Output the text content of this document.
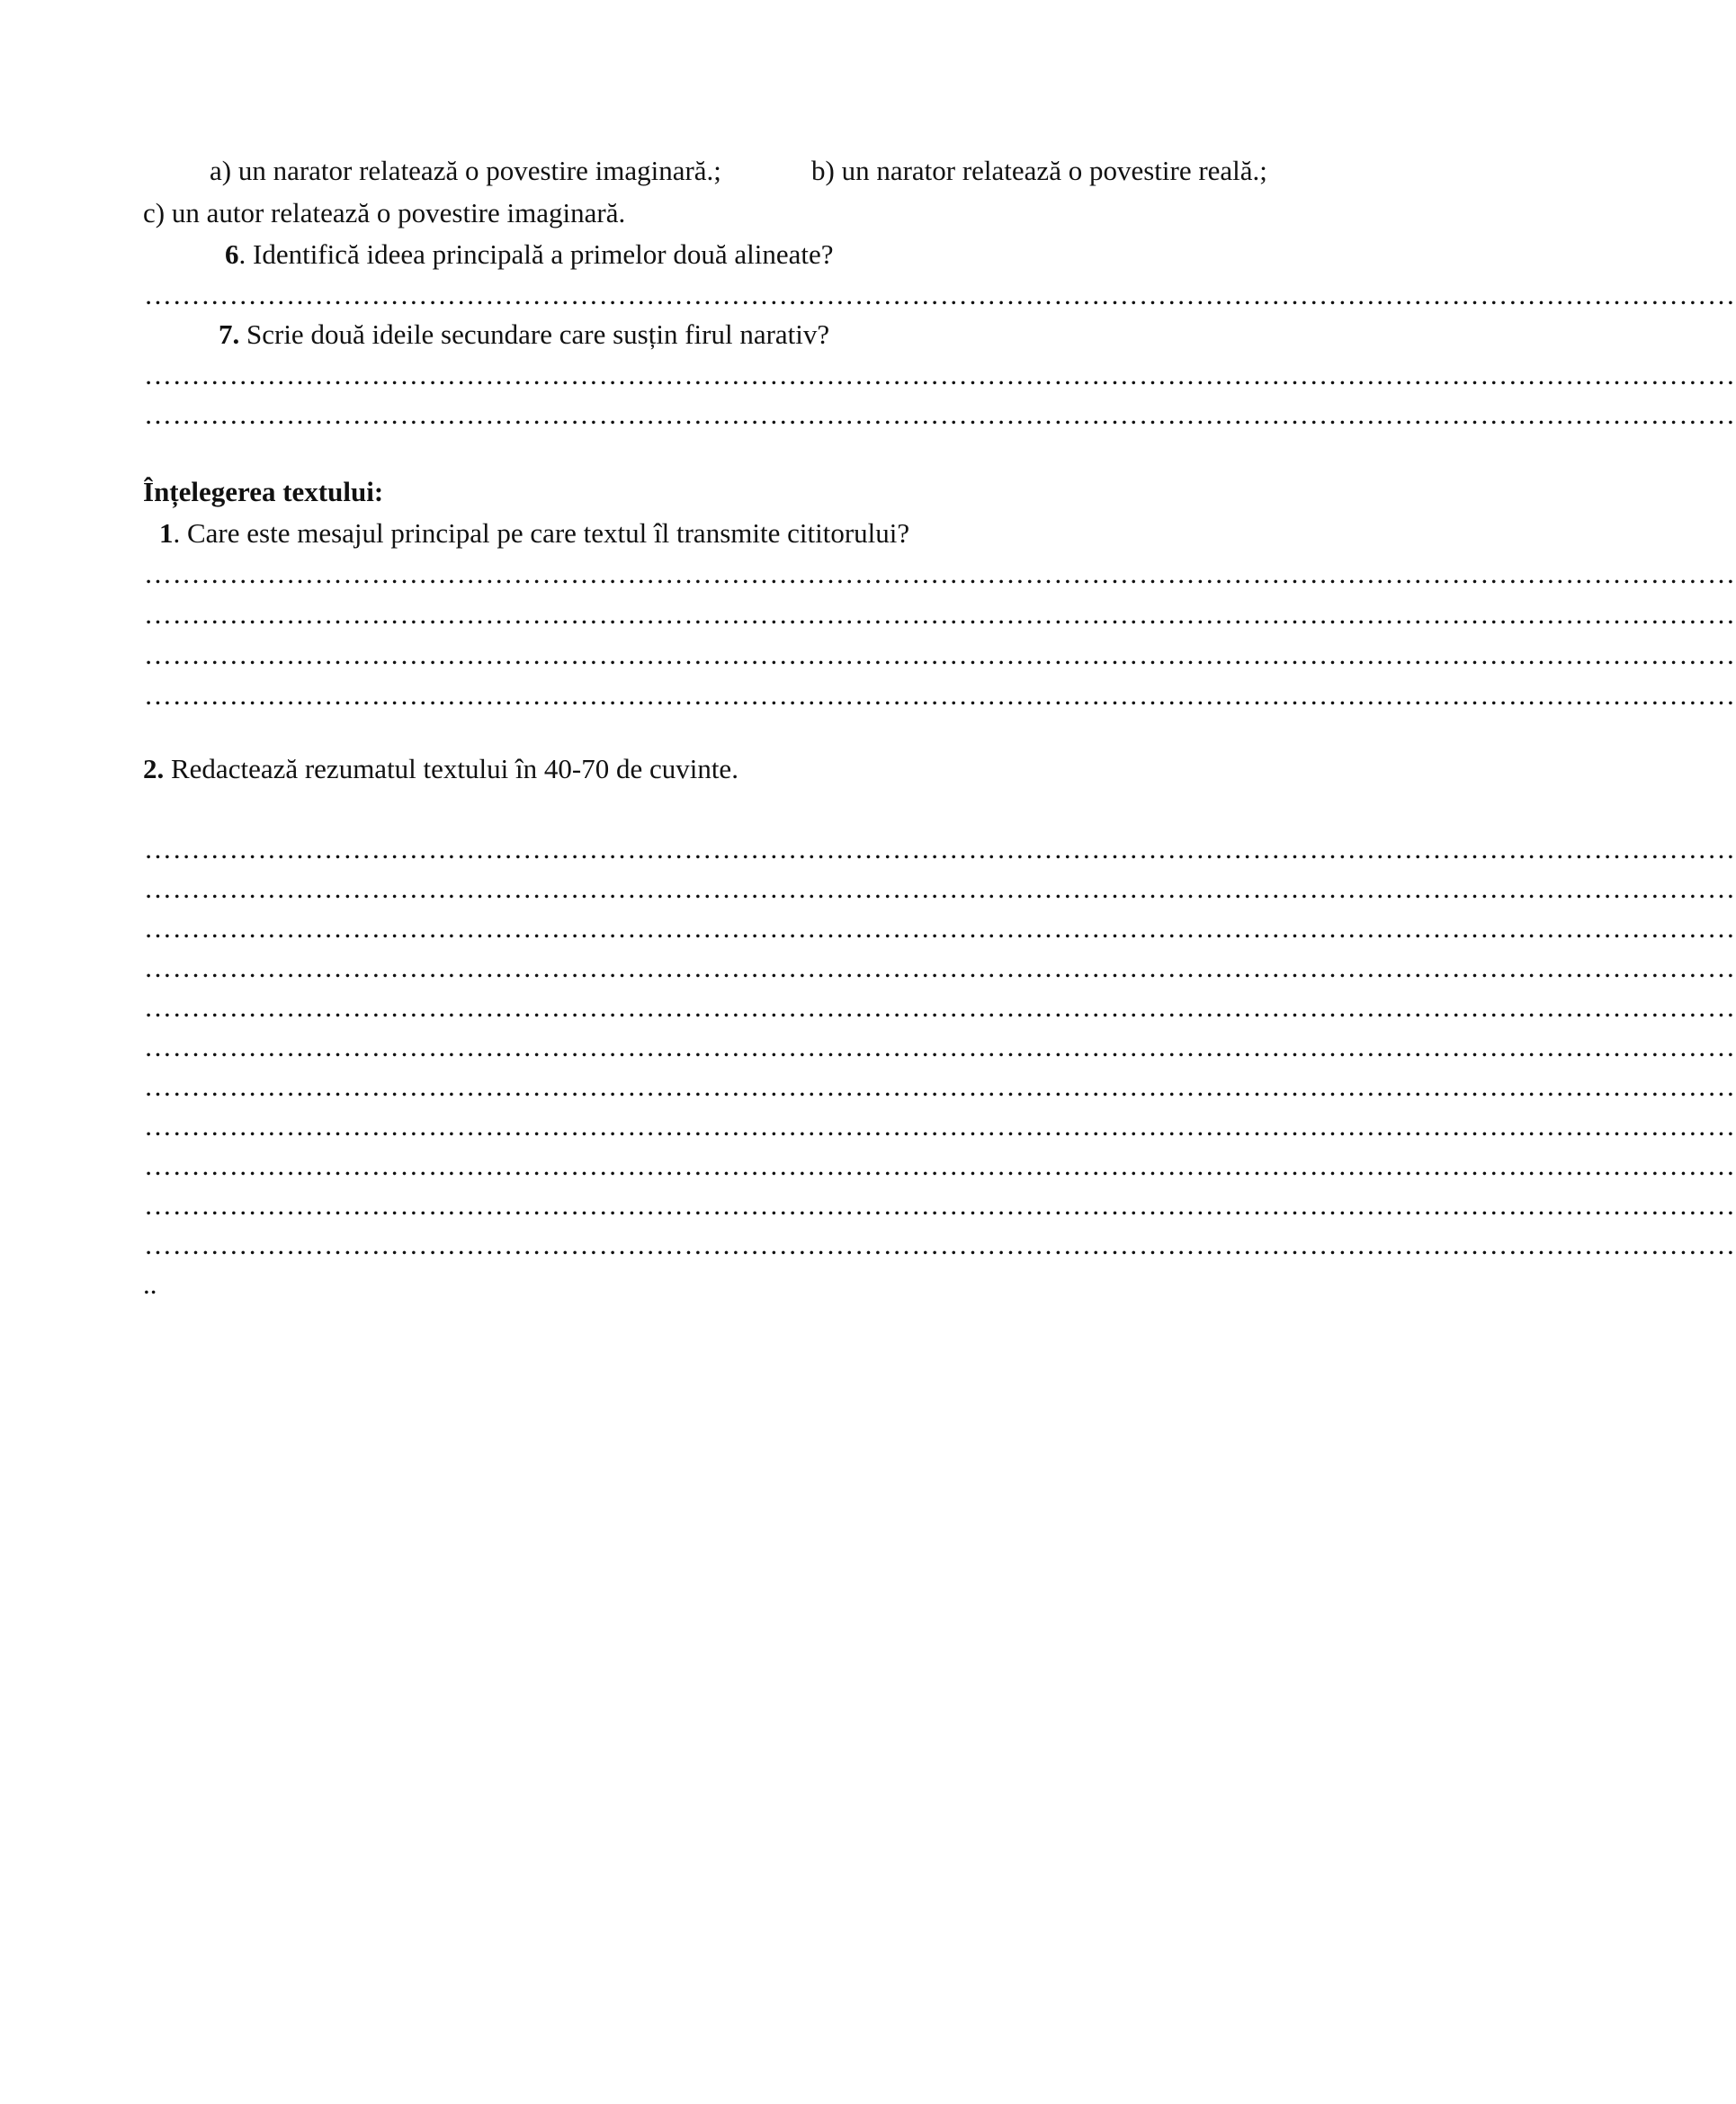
a) un narator relatează o povestire imaginară.;	b) un narator relatează o povestire reală.;
c) un autor relatează o povestire imaginară.
6. Identifică ideea principală a primelor două alineate?
……………………………………………………………………………………………………………………………………………………
7. Scrie două ideile secundare care susțin firul narativ?
……………………………………………………………………………………………………………………………………………………
……………………………………………………………………………………………………………………………………………………
Înțelegerea textului:
1. Care este mesajul principal pe care textul îl transmite cititorului?
……………………………………………………………………………………………………………………………………………………
……………………………………………………………………………………………………………………………………………………
……………………………………………………………………………………………………………………………………………………
……………………………………………………………………………………………………………………………………………………
2. Redactează rezumatul textului în 40-70 de cuvinte.
……………………………………………………………………………………………………………………………………………………
……………………………………………………………………………………………………………………………………………………
……………………………………………………………………………………………………………………………………………………
……………………………………………………………………………………………………………………………………………………
……………………………………………………………………………………………………………………………………………………
……………………………………………………………………………………………………………………………………………………
……………………………………………………………………………………………………………………………………………………
……………………………………………………………………………………………………………………………………………………
……………………………………………………………………………………………………………………………………………………
……………………………………………………………………………………………………………………………………………………
……………………………………………………………………………………………………………………………………………………
..
